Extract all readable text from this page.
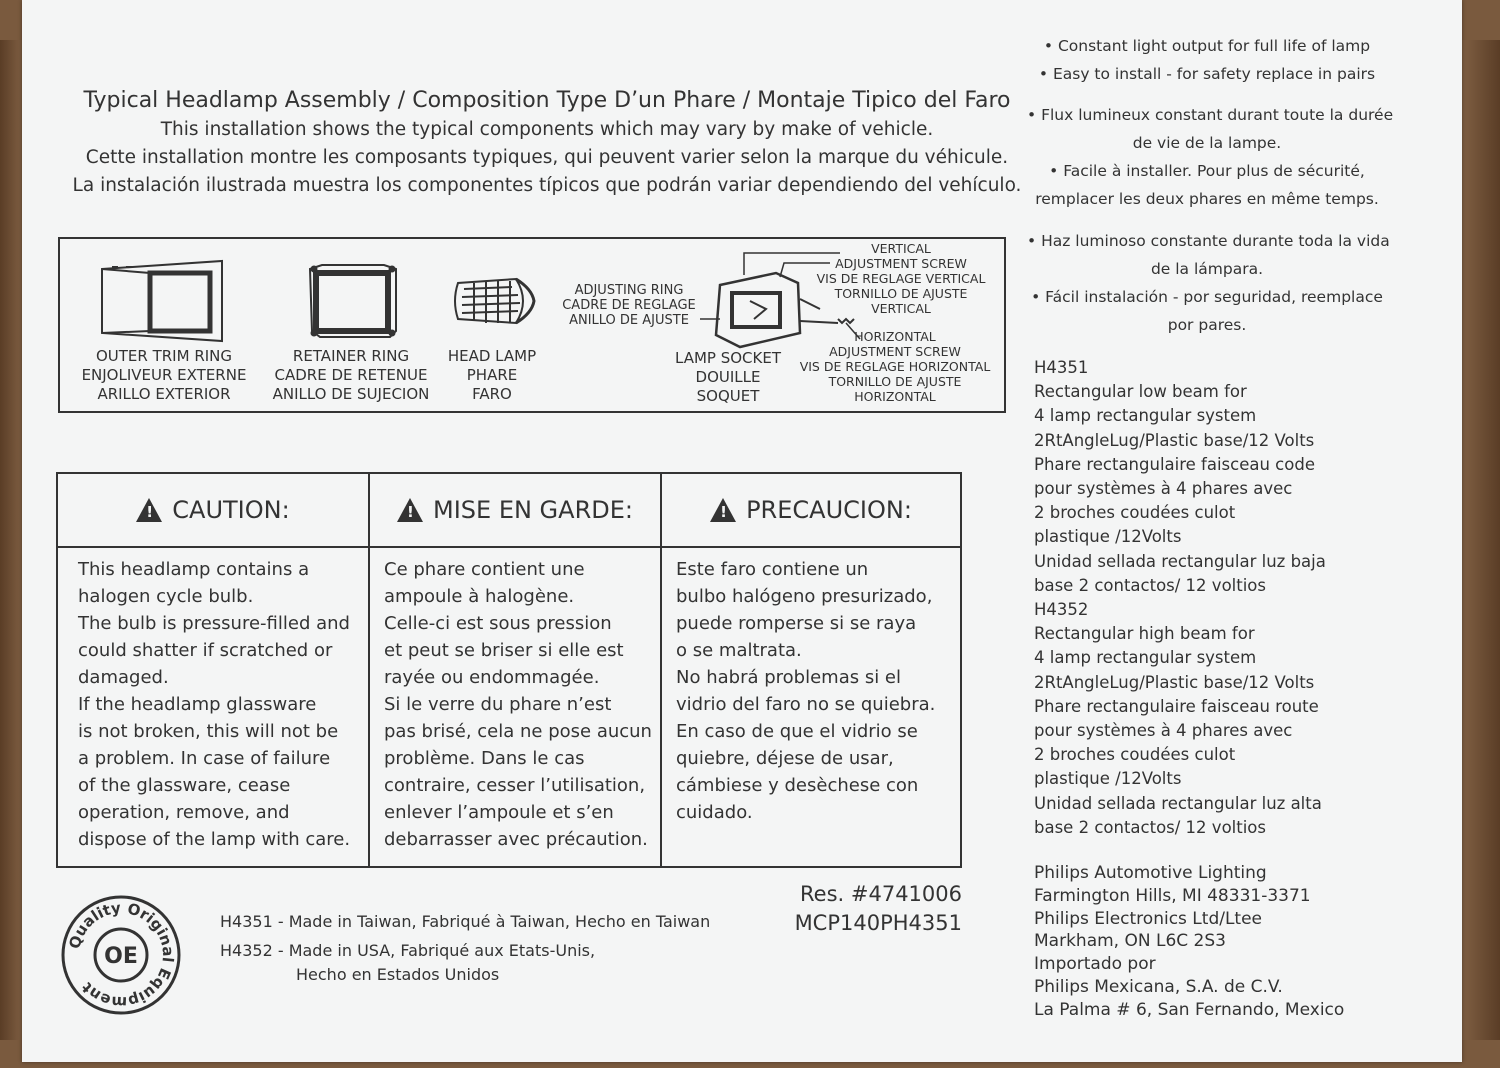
Typical Headlamp Assembly / Composition Type D’un Phare / Montaje Tipico del Faro
This installation shows the typical components which may vary by make of vehicle.
Cette installation montre les composants typiques, qui peuvent varier selon la marque du véhicule.
La instalación ilustrada muestra los componentes típicos que podrán variar dependiendo del vehículo.
OUTER TRIM RING
ENJOLIVEUR EXTERNE
ARILLO EXTERIOR
RETAINER RING
CADRE DE RETENUE
ANILLO DE SUJECION
HEAD LAMP
PHARE
FARO
ADJUSTING RING
CADRE DE REGLAGE
ANILLO DE AJUSTE
LAMP SOCKET
DOUILLE
SOQUET
VERTICAL
ADJUSTMENT SCREW
VIS DE REGLAGE VERTICAL
TORNILLO DE AJUSTE
VERTICAL
HORIZONTAL
ADJUSTMENT SCREW
VIS DE REGLAGE HORIZONTAL
TORNILLO DE AJUSTE
HORIZONTAL
!
CAUTION:
This headlamp contains a
halogen cycle bulb.
The bulb is pressure-filled and
could shatter if scratched or
damaged.
If the headlamp glassware
is not broken, this will not be
a problem. In case of failure
of the glassware, cease
operation, remove, and
dispose of the lamp with care.
!
MISE EN GARDE:
Ce phare contient une
ampoule à halogène.
Celle-ci est sous pression
et peut se briser si elle est
rayée ou endommagée.
Si le verre du phare n’est
pas brisé, cela ne pose aucun
problème. Dans le cas
contraire, cesser l’utilisation,
enlever l’ampoule et s’en
debarrasser avec précaution.
!
PRECAUCION:
Este faro contiene un
bulbo halógeno presurizado,
puede romperse si se raya
o se maltrata.
No habrá problemas si el
vidrio del faro no se quiebra.
En caso de que el vidrio se
quiebre, déjese de usar,
cámbiese y desèchese con
cuidado.
Res. #4741006
MCP140PH4351
H4351 - Made in Taiwan, Fabriqué à Taiwan, Hecho en Taiwan
H4352 - Made in USA, Fabriqué aux Etats-Unis,
Hecho en Estados Unidos
Quality Original Equipment
OE
• Constant light output for full life of lamp
• Easy to install - for safety replace in pairs
• Flux lumineux constant durant toute la durée
de vie de la lampe.
• Facile à installer. Pour plus de sécurité,
remplacer les deux phares en même temps.
• Haz luminoso constante durante toda la vida
de la lámpara.
• Fácil instalación - por seguridad, reemplace
por pares.
H4351
Rectangular low beam for
4 lamp rectangular system
2RtAngleLug/Plastic base/12 Volts
Phare rectangulaire faisceau code
pour systèmes à 4 phares avec
2 broches coudées culot
plastique /12Volts
Unidad sellada rectangular luz baja
base 2 contactos/ 12 voltios
H4352
Rectangular high beam for
4 lamp rectangular system
2RtAngleLug/Plastic base/12 Volts
Phare rectangulaire faisceau route
pour systèmes à 4 phares avec
2 broches coudées culot
plastique /12Volts
Unidad sellada rectangular luz alta
base 2 contactos/ 12 voltios
Philips Automotive Lighting
Farmington Hills, MI 48331-3371
Philips Electronics Ltd/Ltee
Markham, ON L6C 2S3
Importado por
Philips Mexicana, S.A. de C.V.
La Palma # 6, San Fernando, Mexico
